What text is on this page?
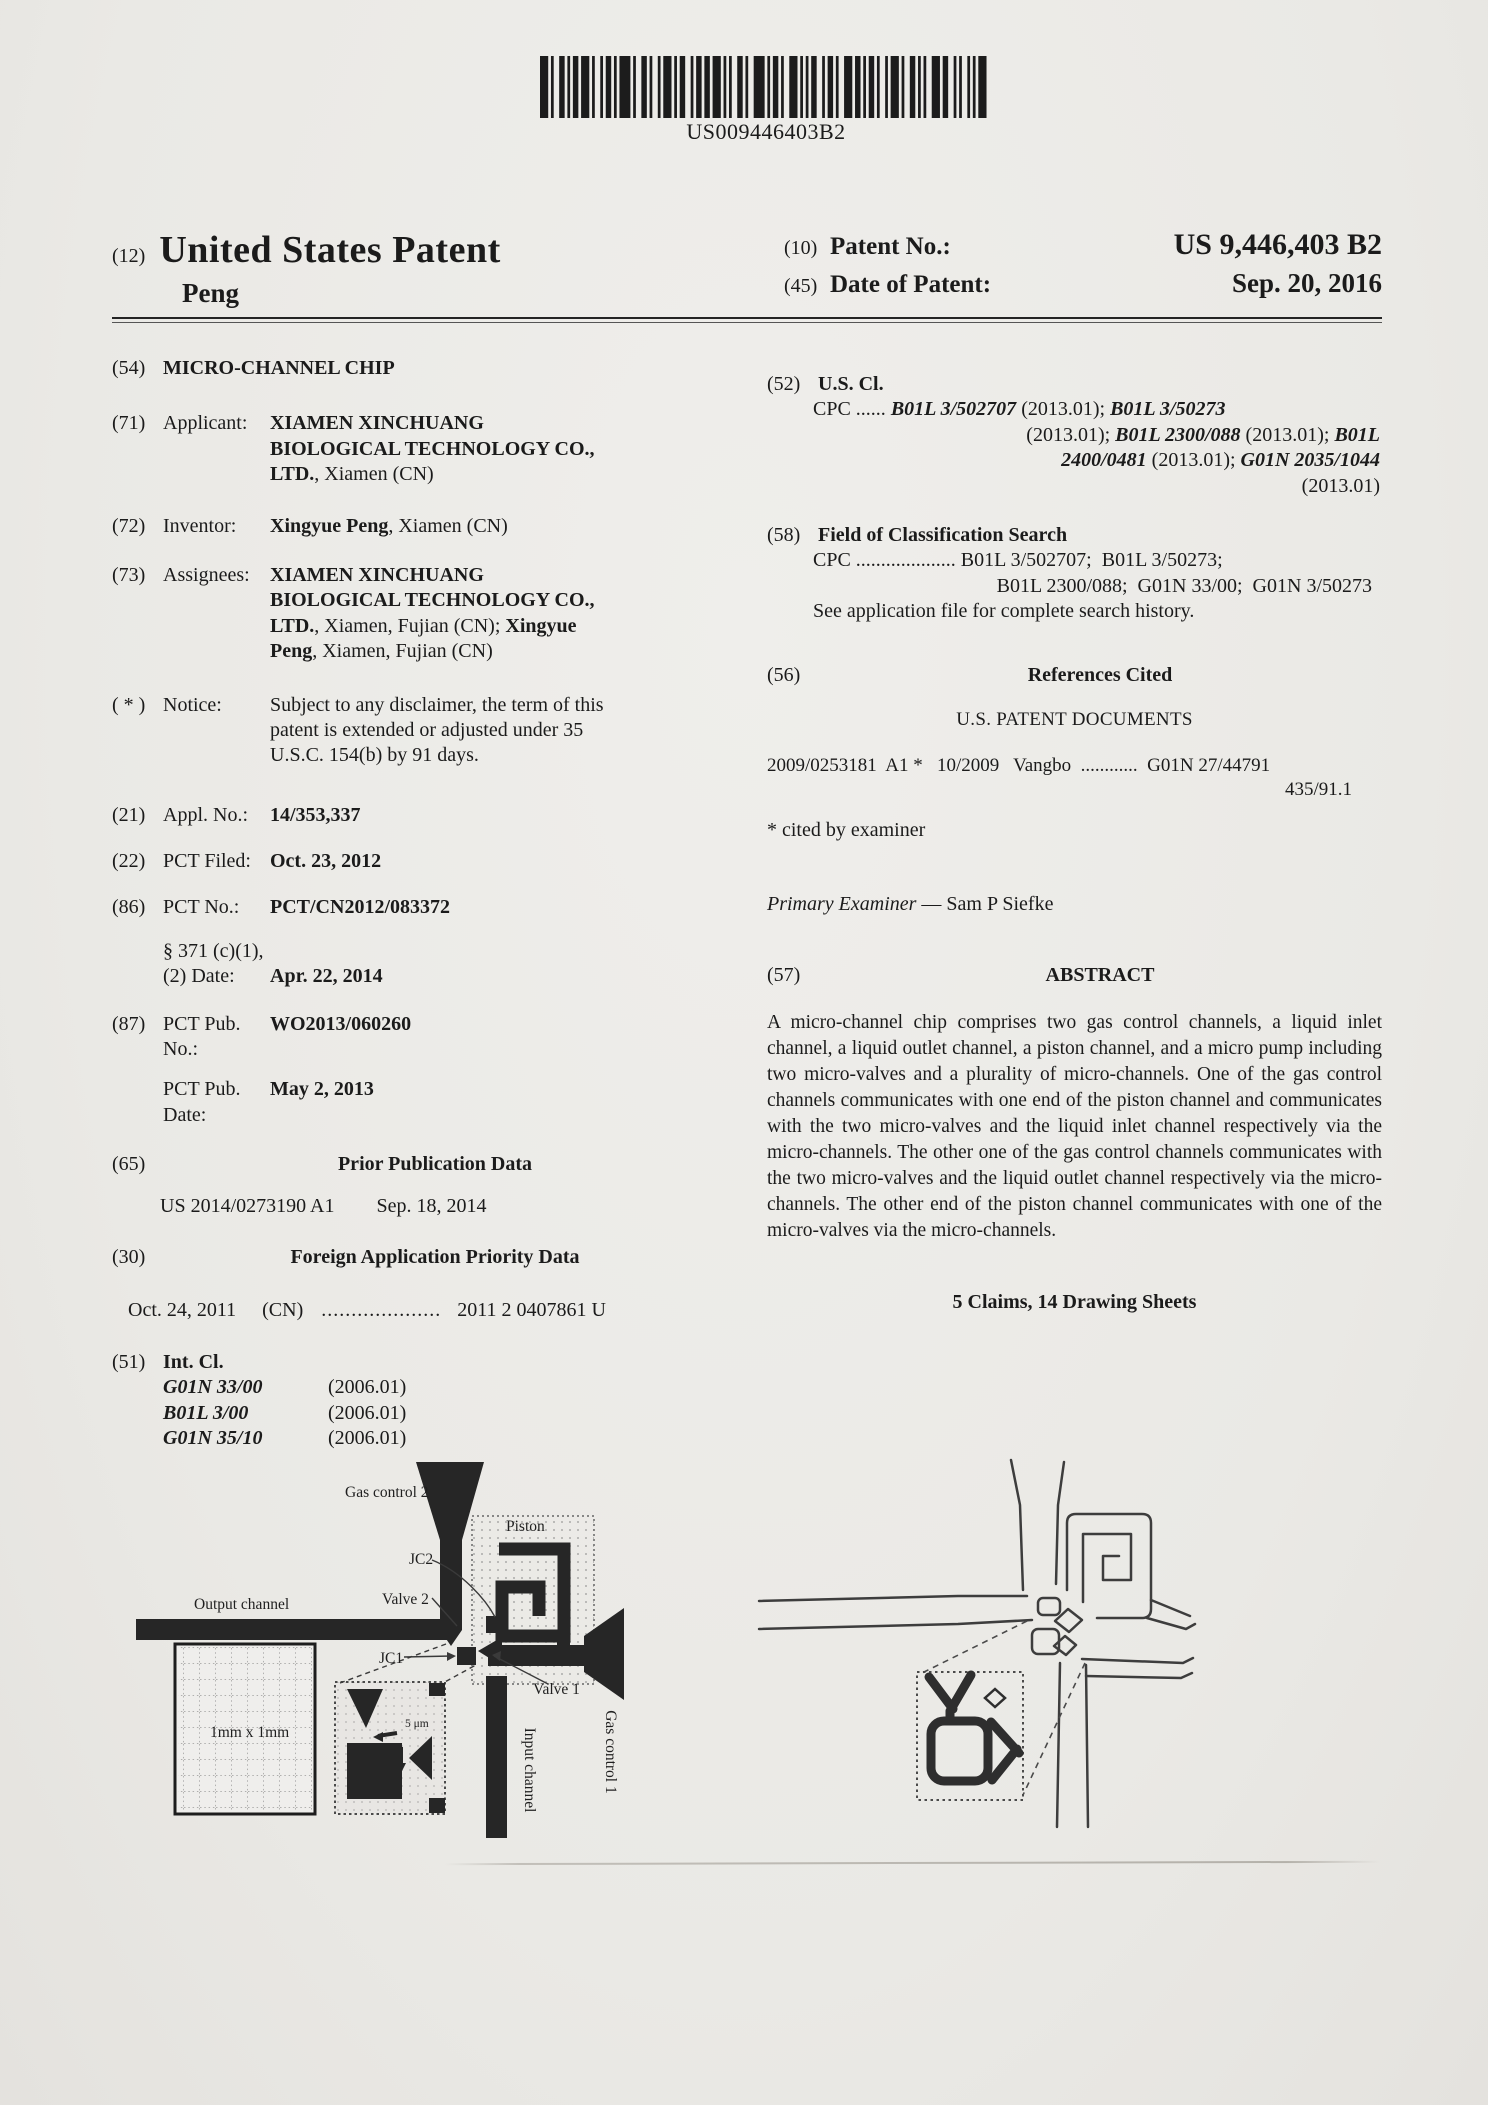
US009446403B2
(12) United States Patent
Peng
(10) Patent No.:	US 9,446,403 B2
(45) Date of Patent:	Sep. 20, 2016
(54) MICRO-CHANNEL CHIP
(71) Applicant:	XIAMEN XINCHUANG BIOLOGICAL TECHNOLOGY CO., LTD., Xiamen (CN)
(72) Inventor:	Xingyue Peng, Xiamen (CN)
(73) Assignees:	XIAMEN XINCHUANG BIOLOGICAL TECHNOLOGY CO., LTD., Xiamen, Fujian (CN); Xingyue Peng, Xiamen, Fujian (CN)
( * ) Notice:	Subject to any disclaimer, the term of this patent is extended or adjusted under 35 U.S.C. 154(b) by 91 days.
(21) Appl. No.:	14/353,337
(22) PCT Filed: Oct. 23, 2012
(86) PCT No.:	PCT/CN2012/083372
§ 371 (c)(1),
(2) Date:	Apr. 22, 2014
(87) PCT Pub. No.:
WO2013/060260
PCT Pub. Date:
May 2, 2013
(65)	Prior Publication Data
US 2014/0273190 A1 Sep. 18, 2014
(30)	Foreign Application Priority Data
Oct. 24, 2011 (CN) .................... 2011 2 0407861 U
(51) Int. Cl.
G01N 33/00	(2006.01)
B01L 3/00	(2006.01)
G01N 35/10	(2006.01)
(52) U.S. Cl.
CPC ...... B01L 3/502707 (2013.01); B01L 3/50273
(2013.01); B01L 2300/088 (2013.01); B01L
2400/0481 (2013.01); G01N 2035/1044
(2013.01)
(58) Field of Classification Search
CPC .................... B01L 3/502707;  B01L 3/50273;
B01L 2300/088;  G01N 33/00;  G01N 3/50273
See application file for complete search history.
(56)	References Cited
U.S. PATENT DOCUMENTS
2009/0253181  A1 *   10/2009   Vangbo  ............  G01N 27/44791
435/91.1
* cited by examiner
Primary Examiner — Sam P Siefke
(57)	ABSTRACT
A micro-channel chip comprises two gas control channels, a liquid inlet channel, a liquid outlet channel, a piston channel, and a micro pump including two micro-valves and a plurality of micro-channels. One of the gas control channels communicates with one end of the piston channel and communicates with the two micro-valves and the liquid inlet channel respectively via the micro-channels. The other one of the gas control channels communicates with the two micro-valves and the liquid outlet channel respectively via the micro-channels. The other end of the piston channel communicates with one of the micro-valves via the micro-channels.
5 Claims, 14 Drawing Sheets
Gas control 2
Piston
JC2
Valve 2
Output channel
JC1
Valve 1
1mm x 1mm	5 μm
Input channel	Gas control 1
